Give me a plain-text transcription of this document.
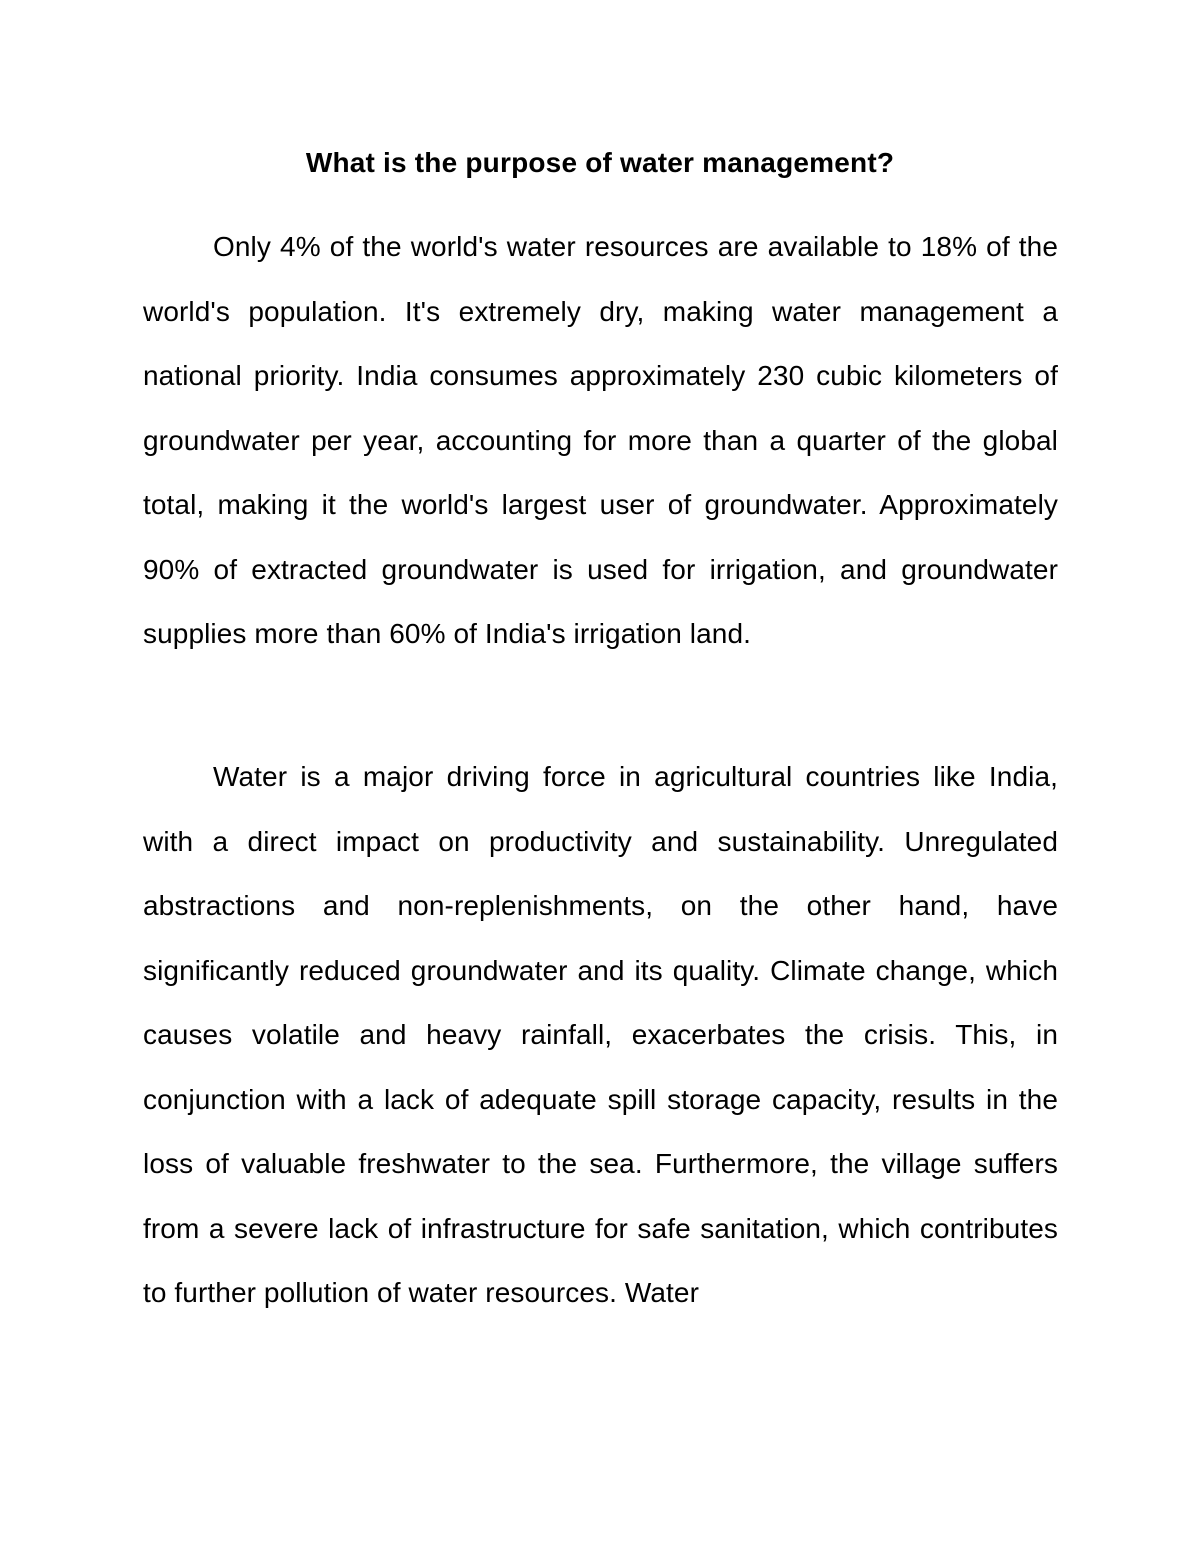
What is the purpose of water management?

Only 4% of the world's water resources are available to 18% of the world's population. It's extremely dry, making water management a national priority. India consumes approximately 230 cubic kilometers of groundwater per year, accounting for more than a quarter of the global total, making it the world's largest user of groundwater. Approximately 90% of extracted groundwater is used for irrigation, and groundwater supplies more than 60% of India's irrigation land.

Water is a major driving force in agricultural countries like India, with a direct impact on productivity and sustainability. Unregulated abstractions and non-replenishments, on the other hand, have significantly reduced groundwater and its quality. Climate change, which causes volatile and heavy rainfall, exacerbates the crisis. This, in conjunction with a lack of adequate spill storage capacity, results in the loss of valuable freshwater to the sea. Furthermore, the village suffers from a severe lack of infrastructure for safe sanitation, which contributes to further pollution of water resources. Water
